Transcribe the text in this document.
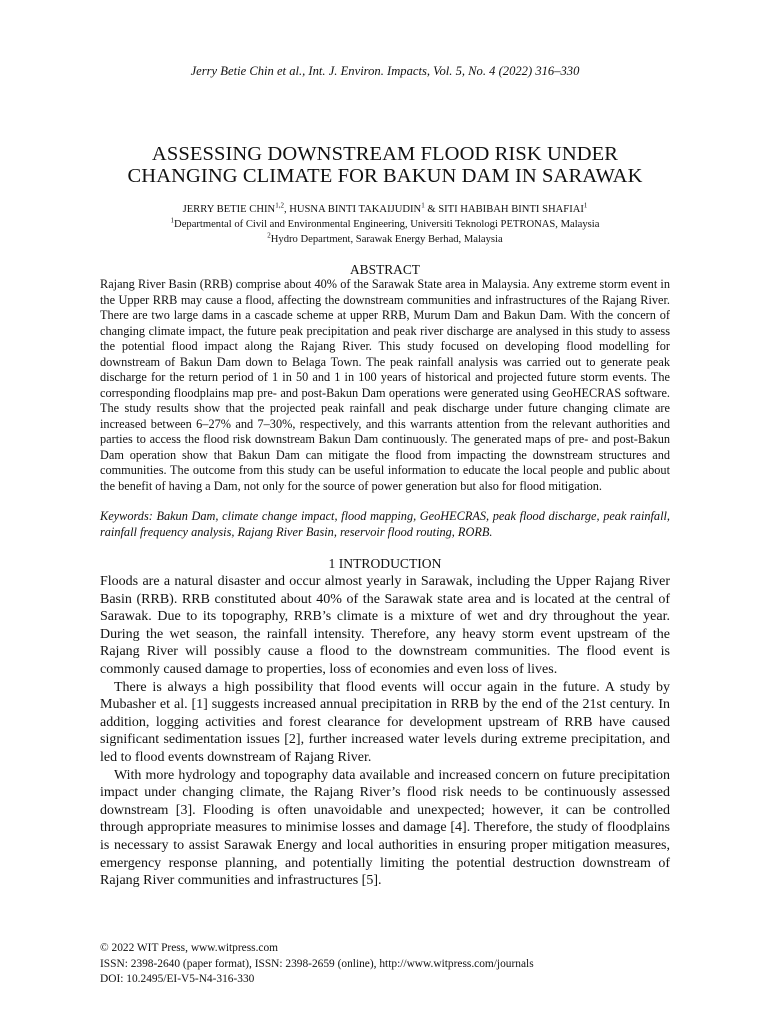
Jerry Betie Chin et al., Int. J. Environ. Impacts, Vol. 5, No. 4 (2022) 316–330
ASSESSING DOWNSTREAM FLOOD RISK UNDER
CHANGING CLIMATE FOR BAKUN DAM IN SARAWAK
JERRY BETIE CHIN$^{1,2}$, HUSNA BINTI TAKAIJUDIN$^1$ & SITI HABIBAH BINTI SHAFIAI$^1$
$^1$Departmental of Civil and Environmental Engineering, Universiti Teknologi PETRONAS, Malaysia
$^2$Hydro Department, Sarawak Energy Berhad, Malaysia
ABSTRACT
Rajang River Basin (RRB) comprise about 40% of the Sarawak State area in Malaysia. Any extreme storm event in the Upper RRB may cause a flood, affecting the downstream communities and infrastructures of the Rajang River. There are two large dams in a cascade scheme at upper RRB, Murum Dam and Bakun Dam. With the concern of changing climate impact, the future peak precipitation and peak river discharge are analysed in this study to assess the potential flood impact along the Rajang River. This study focused on developing flood modelling for downstream of Bakun Dam down to Belaga Town. The peak rainfall analysis was carried out to generate peak discharge for the return period of 1 in 50 and 1 in 100 years of historical and projected future storm events. The corresponding floodplains map pre- and post-Bakun Dam operations were generated using GeoHECRAS software. The study results show that the projected peak rainfall and peak discharge under future changing climate are increased between 6–27% and 7–30%, respectively, and this warrants attention from the relevant authorities and parties to access the flood risk downstream Bakun Dam continuously. The generated maps of pre- and post-Bakun Dam operation show that Bakun Dam can mitigate the flood from impacting the downstream structures and communities. The outcome from this study can be useful information to educate the local people and public about the benefit of having a Dam, not only for the source of power generation but also for flood mitigation.
Keywords: Bakun Dam, climate change impact, flood mapping, GeoHECRAS, peak flood discharge, peak rainfall, rainfall frequency analysis, Rajang River Basin, reservoir flood routing, RORB.
1 INTRODUCTION

Floods are a natural disaster and occur almost yearly in Sarawak, including the Upper Rajang River Basin (RRB). RRB constituted about 40% of the Sarawak state area and is located at the central of Sarawak. Due to its topography, RRB’s climate is a mixture of wet and dry throughout the year. During the wet season, the rainfall intensity. Therefore, any heavy storm event upstream of the Rajang River will possibly cause a flood to the downstream communities. The flood event is commonly caused damage to properties, loss of economies and even loss of lives.

There is always a high possibility that flood events will occur again in the future. A study by Mubasher et al. [1] suggests increased annual precipitation in RRB by the end of the 21st century. In addition, logging activities and forest clearance for development upstream of RRB have caused significant sedimentation issues [2], further increased water levels during extreme precipitation, and led to flood events downstream of Rajang River.

With more hydrology and topography data available and increased concern on future precipitation impact under changing climate, the Rajang River’s flood risk needs to be continuously assessed downstream [3]. Flooding is often unavoidable and unexpected; however, it can be controlled through appropriate measures to minimise losses and damage [4]. Therefore, the study of floodplains is necessary to assist Sarawak Energy and local authorities in ensuring proper mitigation measures, emergency response planning, and potentially limiting the potential destruction downstream of Rajang River communities and infrastructures [5].

© 2022 WIT Press, www.witpress.com
ISSN: 2398-2640 (paper format), ISSN: 2398-2659 (online), http://www.witpress.com/journals
DOI: 10.2495/EI-V5-N4-316-330
